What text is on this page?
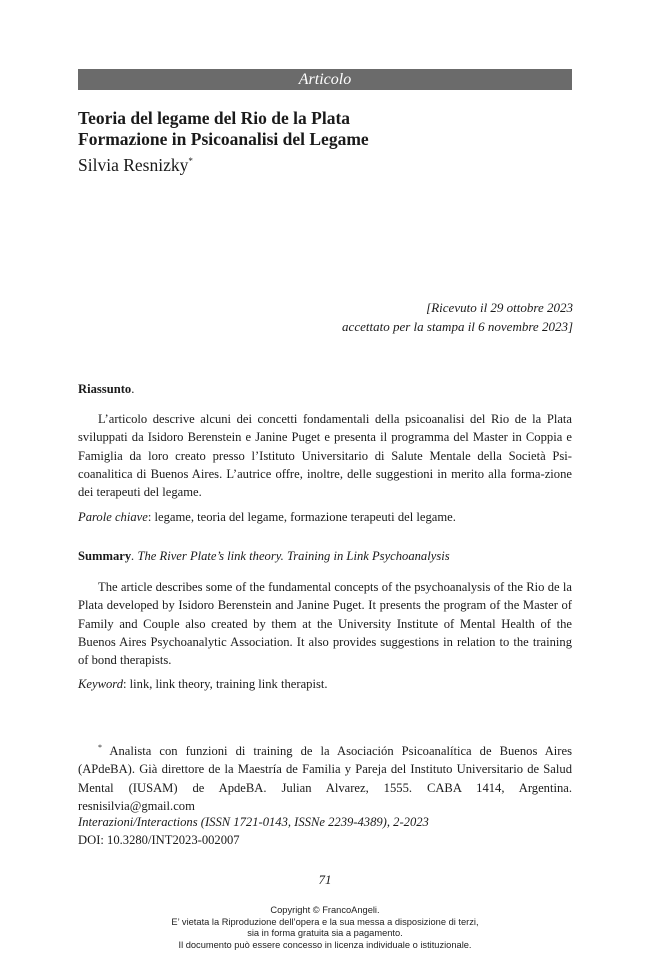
Articolo
Teoria del legame del Rio de la Plata
Formazione in Psicoanalisi del Legame
Silvia Resnizky*
[Ricevuto il 29 ottobre 2023
accettato per la stampa il 6 novembre 2023]
Riassunto.
L’articolo descrive alcuni dei concetti fondamentali della psicoanalisi del Rio de la Plata sviluppati da Isidoro Berenstein e Janine Puget e presenta il programma del Master in Coppia e Famiglia da loro creato presso l’Istituto Universitario di Salute Mentale della Società Psi-coanalitica di Buenos Aires. L’autrice offre, inoltre, delle suggestioni in merito alla forma-zione dei terapeuti del legame.
Parole chiave: legame, teoria del legame, formazione terapeuti del legame.
Summary. The River Plate’s link theory. Training in Link Psychoanalysis
The article describes some of the fundamental concepts of the psychoanalysis of the Rio de la Plata developed by Isidoro Berenstein and Janine Puget. It presents the program of the Master of Family and Couple also created by them at the University Institute of Mental Health of the Buenos Aires Psychoanalytic Association. It also provides suggestions in relation to the training of bond therapists.
Keyword: link, link theory, training link therapist.
* Analista con funzioni di training de la Asociación Psicoanalítica de Buenos Aires (APdeBA). Già direttore de la Maestría de Familia y Pareja del Instituto Universitario de Salud Mental (IUSAM) de ApdeBA. Julian Alvarez, 1555. CABA 1414, Argentina. resnisilvia@gmail.com
Interazioni/Interactions (ISSN 1721-0143, ISSNe 2239-4389), 2-2023
DOI: 10.3280/INT2023-002007
71
Copyright © FrancoAngeli.
E’ vietata la Riproduzione dell’opera e la sua messa a disposizione di terzi,
sia in forma gratuita sia a pagamento.
Il documento può essere concesso in licenza individuale o istituzionale.
